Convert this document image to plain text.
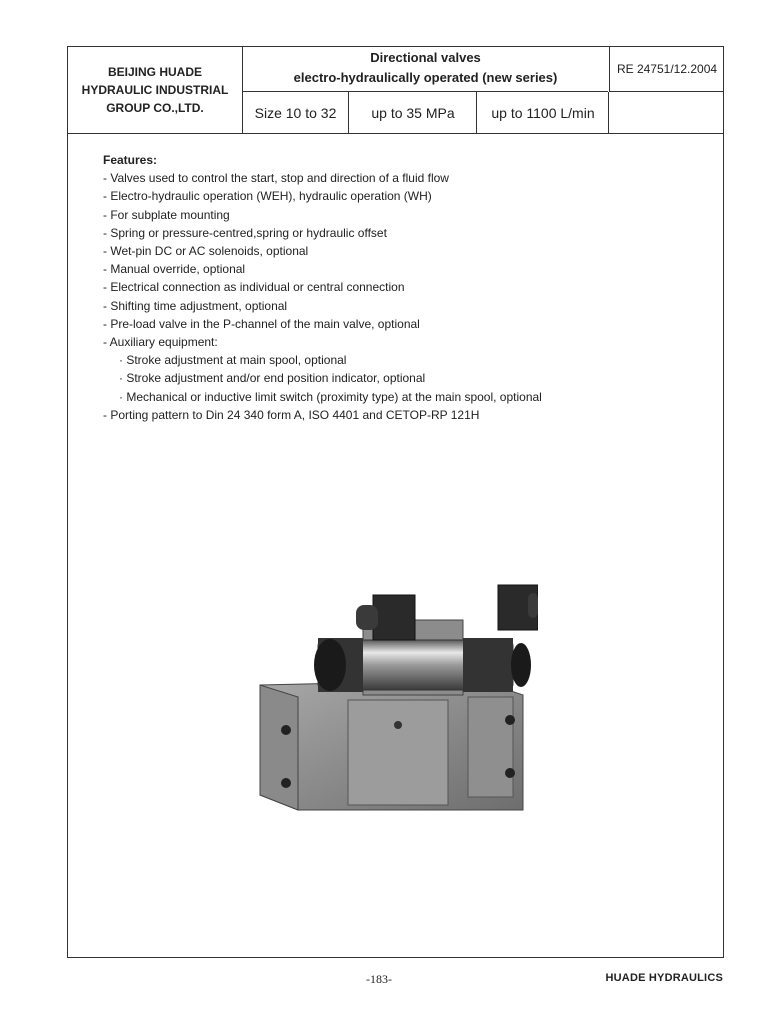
BEIJING HUADE
HYDRAULIC INDUSTRIAL
GROUP CO.,LTD.
Directional valves
electro-hydraulically operated (new series)
RE 24751/12.2004
Size 10 to 32	up to 35 MPa	up to 1100 L/min
Features:
- Valves used to control the start, stop and direction of a fluid flow
- Electro-hydraulic operation (WEH), hydraulic operation (WH)
- For subplate mounting
- Spring or pressure-centred,spring or hydraulic offset
- Wet-pin DC or AC solenoids, optional
- Manual override, optional
- Electrical connection as individual or central connection
- Shifting time adjustment, optional
- Pre-load valve in the P-channel of the main valve, optional
- Auxiliary equipment:
· Stroke adjustment at main spool, optional
· Stroke adjustment and/or end position indicator, optional
· Mechanical or inductive limit switch (proximity type) at the main spool, optional
- Porting pattern to Din 24 340 form A, ISO 4401 and CETOP-RP 121H
-183-	HUADE HYDRAULICS
